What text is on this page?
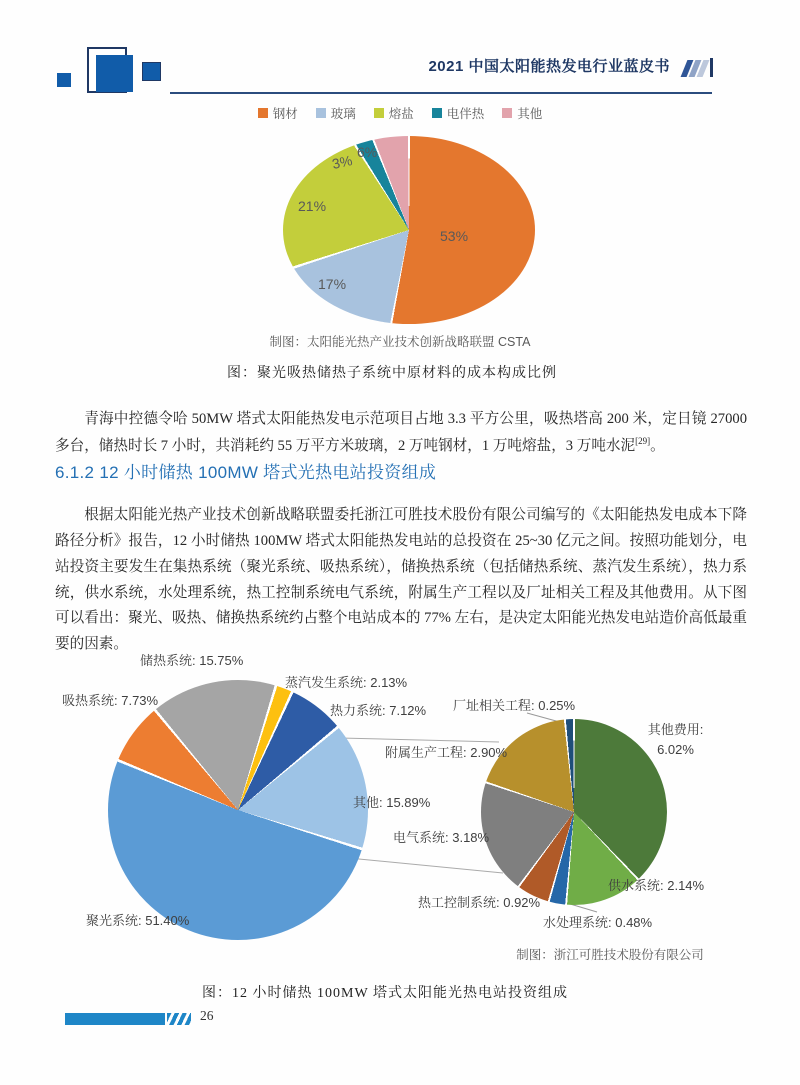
2021 中国太阳能热发电行业蓝皮书
钢材	玻璃	熔盐	电伴热	其他
53%
17%
21%
3%
6%
制图：太阳能光热产业技术创新战略联盟 CSTA
图：聚光吸热储热子系统中原材料的成本构成比例

青海中控德令哈 50MW 塔式太阳能热发电示范项目占地 3.3 平方公里，吸热塔高 200 米，定日镜 27000 多台，储热时长 7 小时，共消耗约 55 万平方米玻璃，2 万吨钢材，1 万吨熔盐，3 万吨水泥[29]。

6.1.2 12 小时储热 100MW 塔式光热电站投资组成

根据太阳能光热产业技术创新战略联盟委托浙江可胜技术股份有限公司编写的《太阳能热发电成本下降路径分析》报告，12 小时储热 100MW 塔式太阳能热发电站的总投资在 25~30 亿元之间。按照功能划分，电站投资主要发生在集热系统（聚光系统、吸热系统），储换热系统（包括储热系统、蒸汽发生系统），热力系统，供水系统，水处理系统，热工控制系统电气系统，附属生产工程以及厂址相关工程及其他费用。从下图可以看出：聚光、吸热、储换热系统约占整个电站成本的 77% 左右，是决定太阳能光热发电站造价高低最重要的因素。

吸热系统: 7.73%
储热系统: 15.75%
蒸汽发生系统: 2.13%
热力系统: 7.12% 厂址相关工程: 0.25%
其他费用:
6.02%
附属生产工程: 2.90%
其他: 15.89%
电气系统: 3.18%
供水系统: 2.14%
热工控制系统: 0.92%
水处理系统: 0.48%
聚光系统: 51.40%
制图：浙江可胜技术股份有限公司
图：12 小时储热 100MW 塔式太阳能光热电站投资组成
26
